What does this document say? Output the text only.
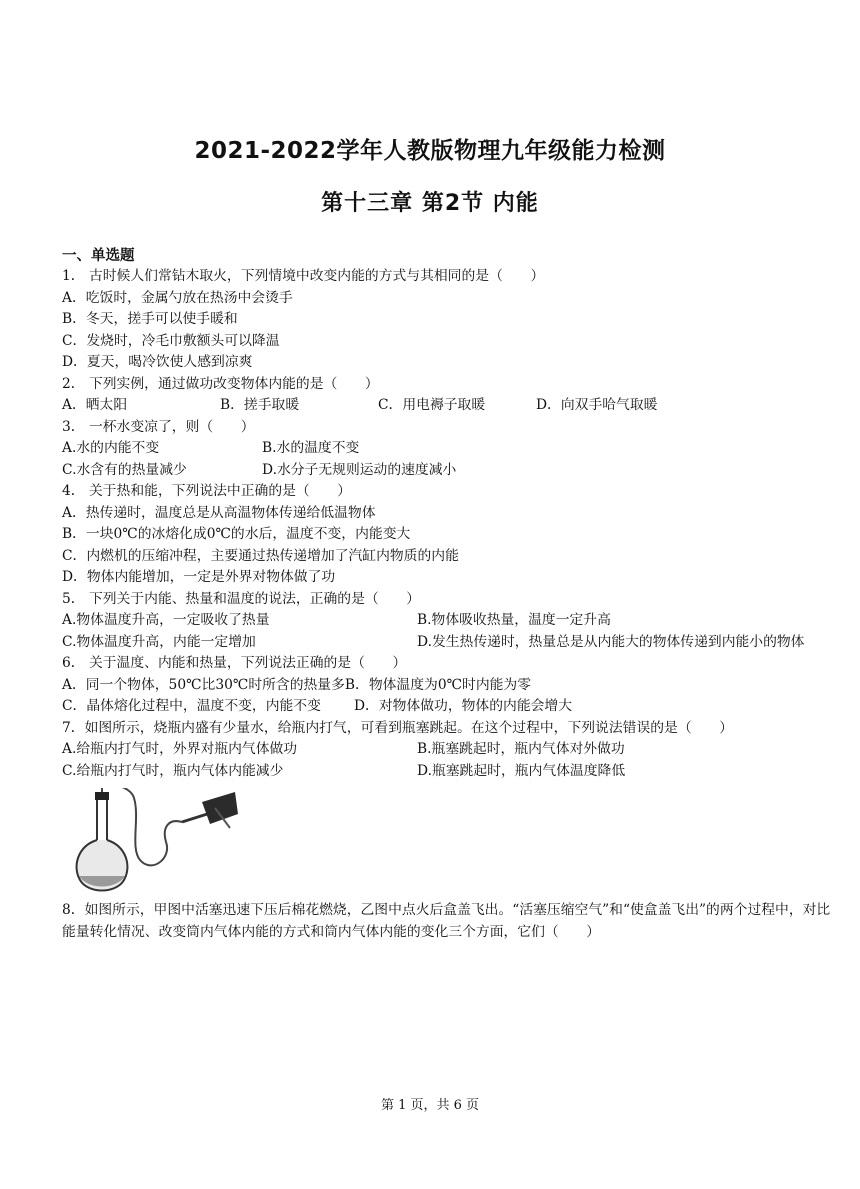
2021-2022学年人教版物理九年级能力检测
第十三章 第2节 内能
一、单选题
1． 古时候人们常钻木取火，下列情境中改变内能的方式与其相同的是（　　）
A．吃饭时，金属勺放在热汤中会烫手
B．冬天，搓手可以使手暖和
C．发烧时，冷毛巾敷额头可以降温
D．夏天，喝冷饮使人感到凉爽
2． 下列实例，通过做功改变物体内能的是（　　）
A．晒太阳	B．搓手取暖	C．用电褥子取暖	D．向双手哈气取暖
3． 一杯水变凉了，则（　　）
A.水的内能不变	B.水的温度不变
C.水含有的热量减少	D.水分子无规则运动的速度减小
4． 关于热和能，下列说法中正确的是（　　）
A．热传递时，温度总是从高温物体传递给低温物体
B．一块0℃的冰熔化成0℃的水后，温度不变，内能变大
C．内燃机的压缩冲程，主要通过热传递增加了汽缸内物质的内能
D．物体内能增加，一定是外界对物体做了功
5． 下列关于内能、热量和温度的说法，正确的是（　　）
A.物体温度升高，一定吸收了热量	B.物体吸收热量，温度一定升高
C.物体温度升高，内能一定增加	D.发生热传递时，热量总是从内能大的物体传递到内能小的物体
6． 关于温度、内能和热量，下列说法正确的是（　　）
A．同一个物体，50℃比30℃时所含的热量多B．物体温度为0℃时内能为零
C．晶体熔化过程中，温度不变，内能不变	D．对物体做功，物体的内能会增大
7．如图所示，烧瓶内盛有少量水，给瓶内打气，可看到瓶塞跳起。在这个过程中，下列说法错误的是（　　）
A.给瓶内打气时，外界对瓶内气体做功	B.瓶塞跳起时，瓶内气体对外做功
C.给瓶内打气时，瓶内气体内能减少	D.瓶塞跳起时，瓶内气体温度降低
8．如图所示，甲图中活塞迅速下压后棉花燃烧，乙图中点火后盒盖飞出。“活塞压缩空气”和“使盒盖飞出”的两个过程中，对比能量转化情况、改变筒内气体内能的方式和筒内气体内能的变化三个方面，它们（　　）
第 1 页，共 6 页
